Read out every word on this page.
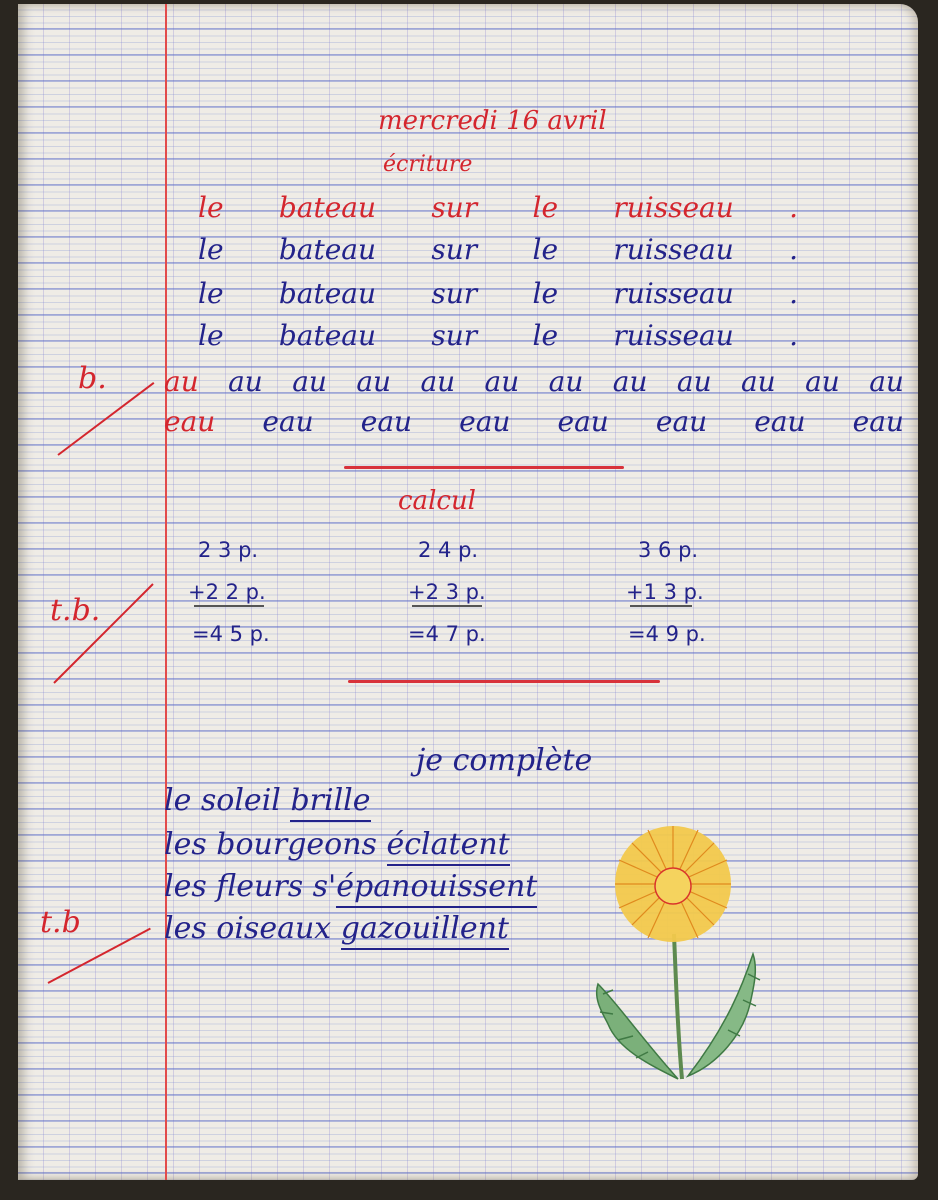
mercredi 16 avril
écriture
le bateau sur le ruisseau .
le bateau sur le ruisseau .
le bateau sur le ruisseau .
le bateau sur le ruisseau .
b. au au au au au au au au au au au au
eau eau eau eau eau eau eau eau
calcul
t.b.
2 3 p.
+2 2 p.
=4 5 p.
2 4 p.
+2 3 p.
=4 7 p.
3 6 p.
+1 3 p.
=4 9 p.
je complète
le soleil brille
les bourgeons éclatent
les fleurs s'épanouissent
les oiseaux gazouillent
t.b
